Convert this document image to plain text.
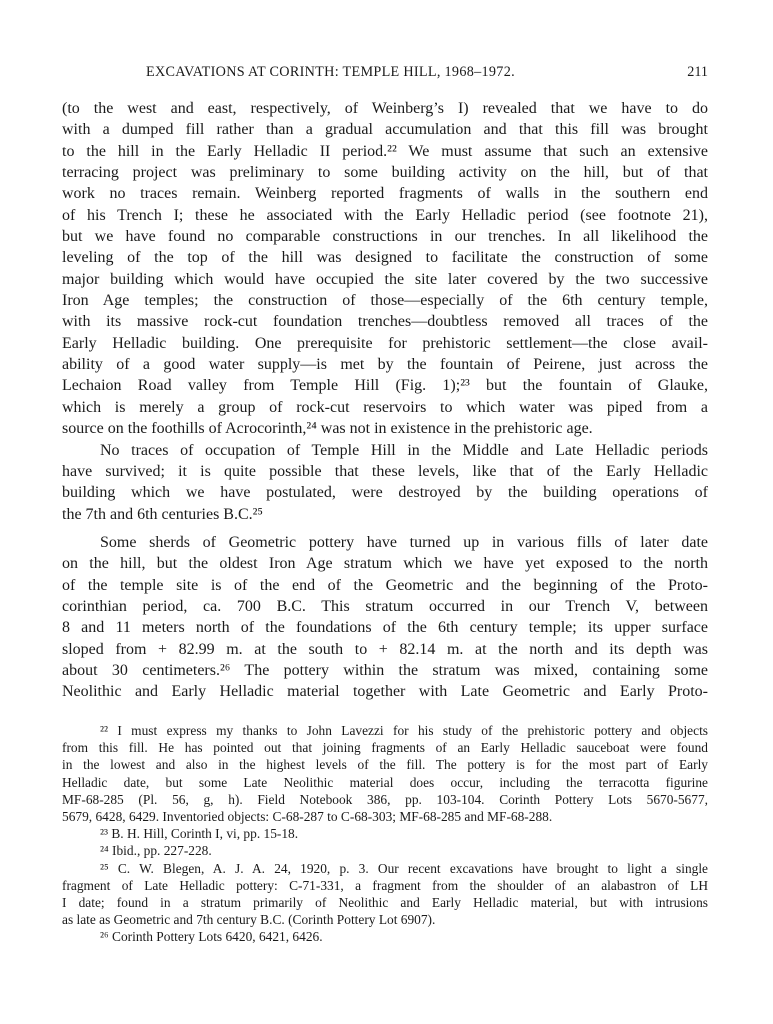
EXCAVATIONS AT CORINTH: TEMPLE HILL, 1968–1972.	211
(to the west and east, respectively, of Weinberg’s I) revealed that we have to do
with a dumped fill rather than a gradual accumulation and that this fill was brought
to the hill in the Early Helladic II period.²² We must assume that such an extensive
terracing project was preliminary to some building activity on the hill, but of that
work no traces remain. Weinberg reported fragments of walls in the southern end
of his Trench I; these he associated with the Early Helladic period (see footnote 21),
but we have found no comparable constructions in our trenches. In all likelihood the
leveling of the top of the hill was designed to facilitate the construction of some
major building which would have occupied the site later covered by the two successive
Iron Age temples; the construction of those—especially of the 6th century temple,
with its massive rock-cut foundation trenches—doubtless removed all traces of the
Early Helladic building. One prerequisite for prehistoric settlement—the close avail-
ability of a good water supply—is met by the fountain of Peirene, just across the
Lechaion Road valley from Temple Hill (Fig. 1);²³ but the fountain of Glauke,
which is merely a group of rock-cut reservoirs to which water was piped from a
source on the foothills of Acrocorinth,²⁴ was not in existence in the prehistoric age.
No traces of occupation of Temple Hill in the Middle and Late Helladic periods
have survived; it is quite possible that these levels, like that of the Early Helladic
building which we have postulated, were destroyed by the building operations of
the 7th and 6th centuries B.C.²⁵
Some sherds of Geometric pottery have turned up in various fills of later date
on the hill, but the oldest Iron Age stratum which we have yet exposed to the north
of the temple site is of the end of the Geometric and the beginning of the Proto-
corinthian period, ca. 700 B.C. This stratum occurred in our Trench V, between
8 and 11 meters north of the foundations of the 6th century temple; its upper surface
sloped from + 82.99 m. at the south to + 82.14 m. at the north and its depth was
about 30 centimeters.²⁶ The pottery within the stratum was mixed, containing some
Neolithic and Early Helladic material together with Late Geometric and Early Proto-
²² I must express my thanks to John Lavezzi for his study of the prehistoric pottery and objects
from this fill. He has pointed out that joining fragments of an Early Helladic sauceboat were found
in the lowest and also in the highest levels of the fill. The pottery is for the most part of Early
Helladic date, but some Late Neolithic material does occur, including the terracotta figurine
MF-68-285 (Pl. 56, g, h). Field Notebook 386, pp. 103-104. Corinth Pottery Lots 5670-5677,
5679, 6428, 6429. Inventoried objects: C-68-287 to C-68-303; MF-68-285 and MF-68-288.
²³ B. H. Hill, Corinth I, vi, pp. 15-18.
²⁴ Ibid., pp. 227-228.
²⁵ C. W. Blegen, A. J. A. 24, 1920, p. 3. Our recent excavations have brought to light a single
fragment of Late Helladic pottery: C-71-331, a fragment from the shoulder of an alabastron of LH
I date; found in a stratum primarily of Neolithic and Early Helladic material, but with intrusions
as late as Geometric and 7th century B.C. (Corinth Pottery Lot 6907).
²⁶ Corinth Pottery Lots 6420, 6421, 6426.
